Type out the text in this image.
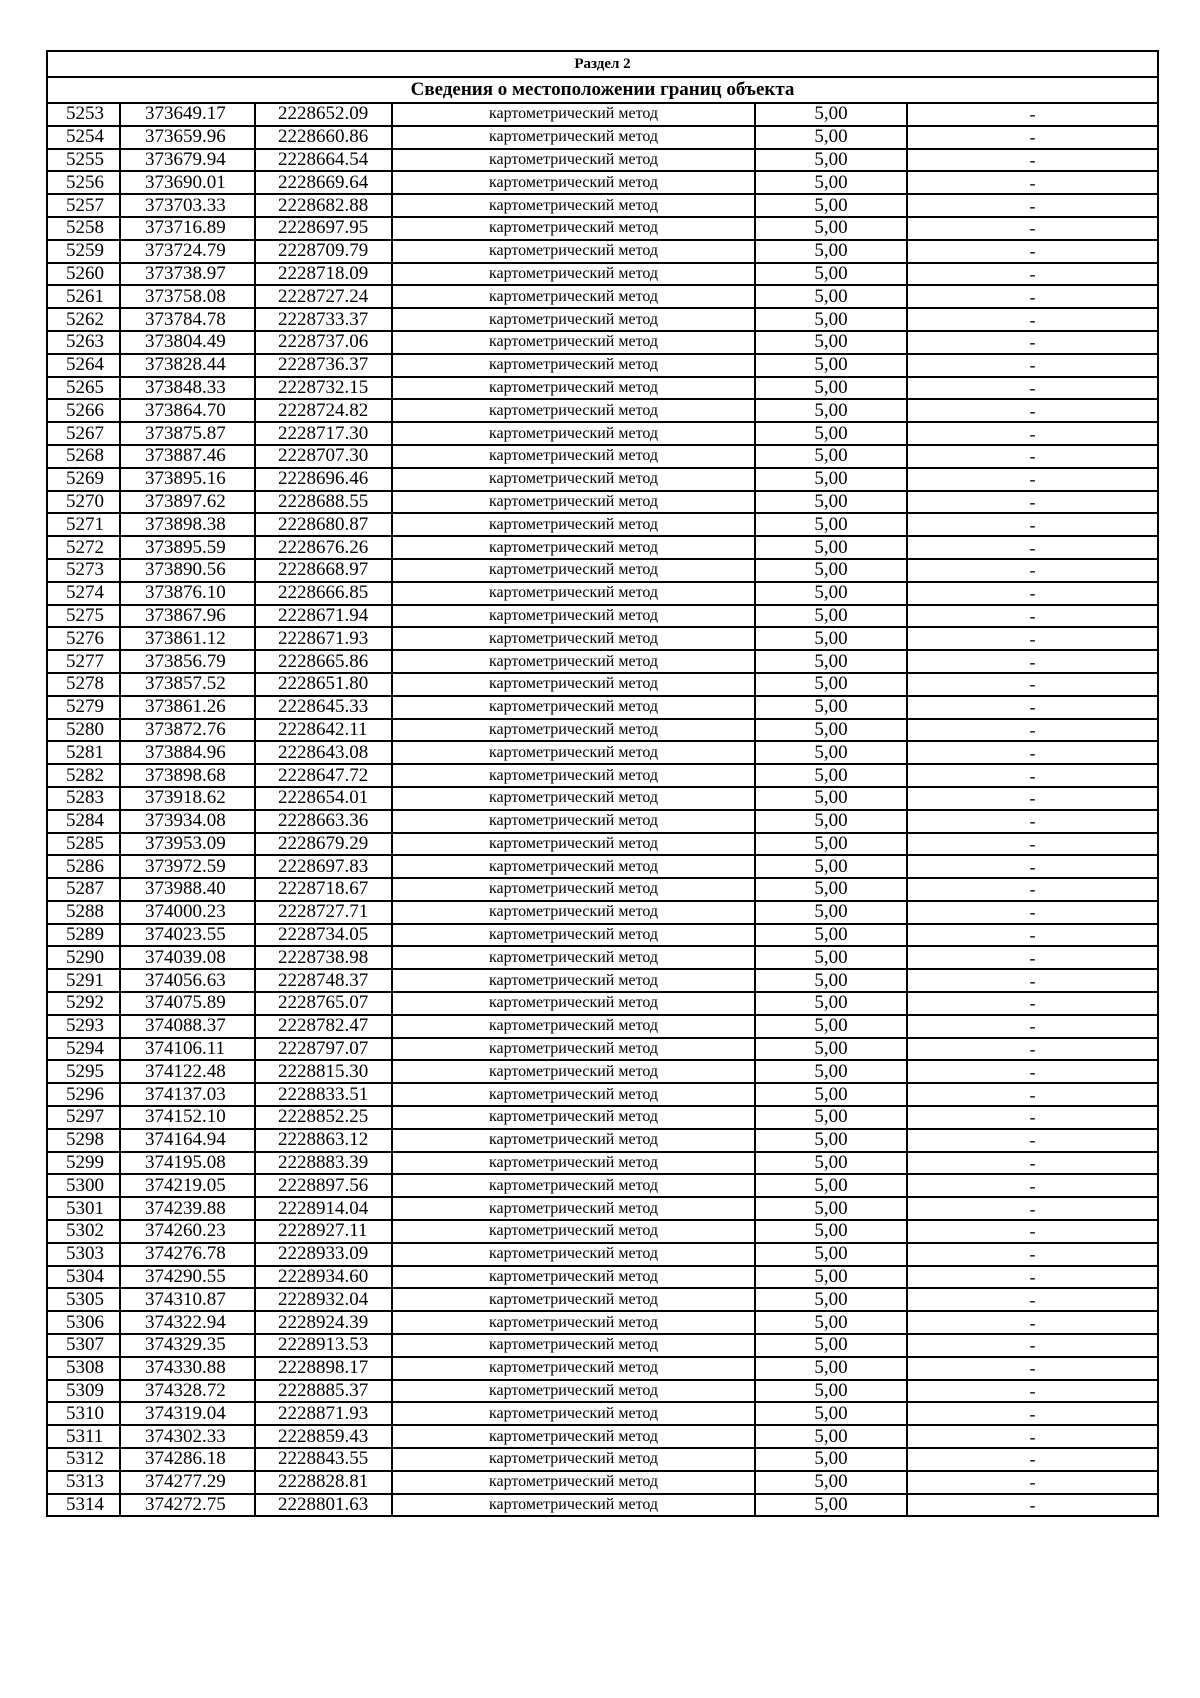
Раздел 2					
Сведения о местоположении границ объекта					
5253	373649.17	2228652.09	картометрический метод	5,00	-
5254	373659.96	2228660.86	картометрический метод	5,00	-
5255	373679.94	2228664.54	картометрический метод	5,00	-
5256	373690.01	2228669.64	картометрический метод	5,00	-
5257	373703.33	2228682.88	картометрический метод	5,00	-
5258	373716.89	2228697.95	картометрический метод	5,00	-
5259	373724.79	2228709.79	картометрический метод	5,00	-
5260	373738.97	2228718.09	картометрический метод	5,00	-
5261	373758.08	2228727.24	картометрический метод	5,00	-
5262	373784.78	2228733.37	картометрический метод	5,00	-
5263	373804.49	2228737.06	картометрический метод	5,00	-
5264	373828.44	2228736.37	картометрический метод	5,00	-
5265	373848.33	2228732.15	картометрический метод	5,00	-
5266	373864.70	2228724.82	картометрический метод	5,00	-
5267	373875.87	2228717.30	картометрический метод	5,00	-
5268	373887.46	2228707.30	картометрический метод	5,00	-
5269	373895.16	2228696.46	картометрический метод	5,00	-
5270	373897.62	2228688.55	картометрический метод	5,00	-
5271	373898.38	2228680.87	картометрический метод	5,00	-
5272	373895.59	2228676.26	картометрический метод	5,00	-
5273	373890.56	2228668.97	картометрический метод	5,00	-
5274	373876.10	2228666.85	картометрический метод	5,00	-
5275	373867.96	2228671.94	картометрический метод	5,00	-
5276	373861.12	2228671.93	картометрический метод	5,00	-
5277	373856.79	2228665.86	картометрический метод	5,00	-
5278	373857.52	2228651.80	картометрический метод	5,00	-
5279	373861.26	2228645.33	картометрический метод	5,00	-
5280	373872.76	2228642.11	картометрический метод	5,00	-
5281	373884.96	2228643.08	картометрический метод	5,00	-
5282	373898.68	2228647.72	картометрический метод	5,00	-
5283	373918.62	2228654.01	картометрический метод	5,00	-
5284	373934.08	2228663.36	картометрический метод	5,00	-
5285	373953.09	2228679.29	картометрический метод	5,00	-
5286	373972.59	2228697.83	картометрический метод	5,00	-
5287	373988.40	2228718.67	картометрический метод	5,00	-
5288	374000.23	2228727.71	картометрический метод	5,00	-
5289	374023.55	2228734.05	картометрический метод	5,00	-
5290	374039.08	2228738.98	картометрический метод	5,00	-
5291	374056.63	2228748.37	картометрический метод	5,00	-
5292	374075.89	2228765.07	картометрический метод	5,00	-
5293	374088.37	2228782.47	картометрический метод	5,00	-
5294	374106.11	2228797.07	картометрический метод	5,00	-
5295	374122.48	2228815.30	картометрический метод	5,00	-
5296	374137.03	2228833.51	картометрический метод	5,00	-
5297	374152.10	2228852.25	картометрический метод	5,00	-
5298	374164.94	2228863.12	картометрический метод	5,00	-
5299	374195.08	2228883.39	картометрический метод	5,00	-
5300	374219.05	2228897.56	картометрический метод	5,00	-
5301	374239.88	2228914.04	картометрический метод	5,00	-
5302	374260.23	2228927.11	картометрический метод	5,00	-
5303	374276.78	2228933.09	картометрический метод	5,00	-
5304	374290.55	2228934.60	картометрический метод	5,00	-
5305	374310.87	2228932.04	картометрический метод	5,00	-
5306	374322.94	2228924.39	картометрический метод	5,00	-
5307	374329.35	2228913.53	картометрический метод	5,00	-
5308	374330.88	2228898.17	картометрический метод	5,00	-
5309	374328.72	2228885.37	картометрический метод	5,00	-
5310	374319.04	2228871.93	картометрический метод	5,00	-
5311	374302.33	2228859.43	картометрический метод	5,00	-
5312	374286.18	2228843.55	картометрический метод	5,00	-
5313	374277.29	2228828.81	картометрический метод	5,00	-
5314	374272.75	2228801.63	картометрический метод	5,00	-
